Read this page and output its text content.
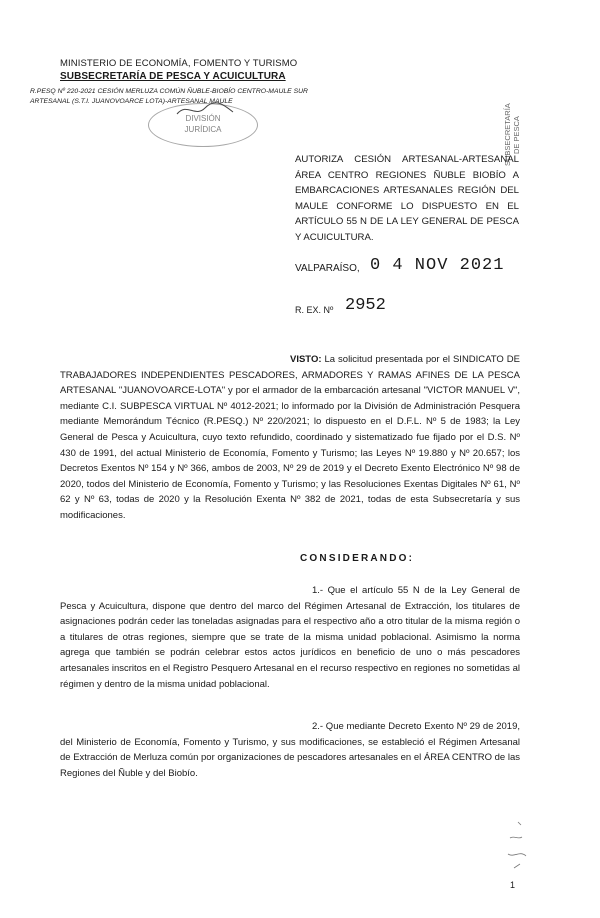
MINISTERIO DE ECONOMÍA, FOMENTO Y TURISMO
SUBSECRETARÍA DE PESCA Y ACUICULTURA
R.PESQ Nº 220-2021 CESIÓN MERLUZA COMÚN ÑUBLE-BIOBÍO CENTRO-MAULE SUR
ARTESANAL (S.T.I. JUANOVOARCE LOTA)-ARTESANAL MAULE
DIVISIÓN
JURÍDICA	SUBSECRETARÍA DE PESCA
AUTORIZA CESIÓN ARTESANAL-ARTESANAL ÁREA CENTRO REGIONES ÑUBLE BIOBÍO A EMBARCACIONES ARTESANALES REGIÓN DEL MAULE CONFORME LO DISPUESTO EN EL ARTÍCULO 55 N DE LA LEY GENERAL DE PESCA Y ACUICULTURA.
VALPARAÍSO, 0 4 NOV 2021
R. EX. Nº 2952
VISTO: La solicitud presentada por el SINDICATO DE TRABAJADORES INDEPENDIENTES PESCADORES, ARMADORES Y RAMAS AFINES DE LA PESCA ARTESANAL "JUANOVOARCE-LOTA" y por el armador de la embarcación artesanal "VICTOR MANUEL V", mediante C.I. SUBPESCA VIRTUAL Nº 4012-2021; lo informado por la División de Administración Pesquera mediante Memorándum Técnico (R.PESQ.) Nº 220/2021; lo dispuesto en el D.F.L. Nº 5 de 1983; la Ley General de Pesca y Acuicultura, cuyo texto refundido, coordinado y sistematizado fue fijado por el D.S. Nº 430 de 1991, del actual Ministerio de Economía, Fomento y Turismo; las Leyes Nº 19.880 y Nº 20.657; los Decretos Exentos Nº 154 y Nº 366, ambos de 2003, Nº 29 de 2019 y el Decreto Exento Electrónico Nº 98 de 2020, todos del Ministerio de Economía, Fomento y Turismo; y las Resoluciones Exentas Digitales Nº 61, Nº 62 y Nº 63, todas de 2020 y la Resolución Exenta Nº 382 de 2021, todas de esta Subsecretaría y sus modificaciones.
CONSIDERANDO:
1.- Que el artículo 55 N de la Ley General de Pesca y Acuicultura, dispone que dentro del marco del Régimen Artesanal de Extracción, los titulares de asignaciones podrán ceder las toneladas asignadas para el respectivo año a otro titular de la misma región o a titulares de otras regiones, siempre que se trate de la misma unidad poblacional. Asimismo la norma agrega que también se podrán celebrar estos actos jurídicos en beneficio de uno o más pescadores artesanales inscritos en el Registro Pesquero Artesanal en el recurso respectivo en regiones no sometidas al régimen y dentro de la misma unidad poblacional.
2.- Que mediante Decreto Exento Nº 29 de 2019, del Ministerio de Economía, Fomento y Turismo, y sus modificaciones, se estableció el Régimen Artesanal de Extracción de Merluza común por organizaciones de pescadores artesanales en el ÁREA CENTRO de las Regiones del Ñuble y del Biobío.
1
